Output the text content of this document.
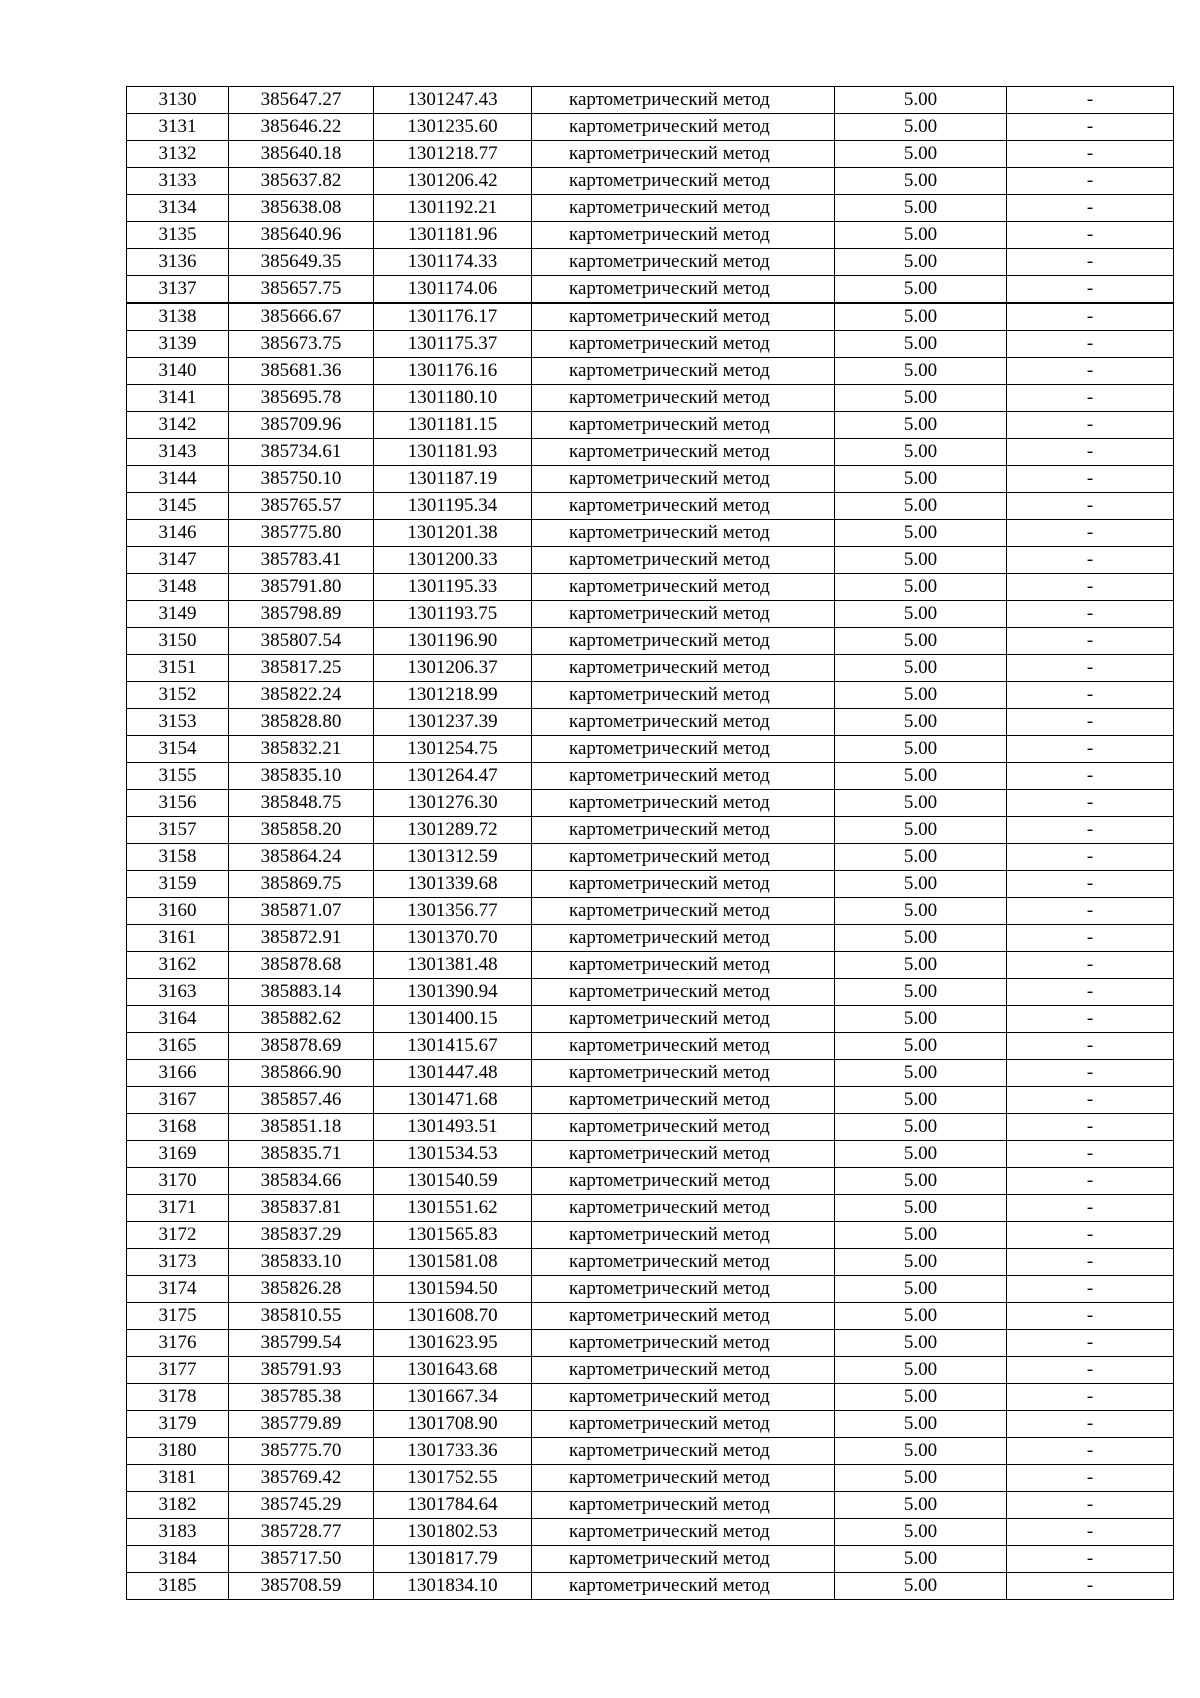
3130	385647.27	1301247.43	картометрический метод	5.00	-
3131	385646.22	1301235.60	картометрический метод	5.00	-
3132	385640.18	1301218.77	картометрический метод	5.00	-
3133	385637.82	1301206.42	картометрический метод	5.00	-
3134	385638.08	1301192.21	картометрический метод	5.00	-
3135	385640.96	1301181.96	картометрический метод	5.00	-
3136	385649.35	1301174.33	картометрический метод	5.00	-
3137	385657.75	1301174.06	картометрический метод	5.00	-
3138	385666.67	1301176.17	картометрический метод	5.00	-
3139	385673.75	1301175.37	картометрический метод	5.00	-
3140	385681.36	1301176.16	картометрический метод	5.00	-
3141	385695.78	1301180.10	картометрический метод	5.00	-
3142	385709.96	1301181.15	картометрический метод	5.00	-
3143	385734.61	1301181.93	картометрический метод	5.00	-
3144	385750.10	1301187.19	картометрический метод	5.00	-
3145	385765.57	1301195.34	картометрический метод	5.00	-
3146	385775.80	1301201.38	картометрический метод	5.00	-
3147	385783.41	1301200.33	картометрический метод	5.00	-
3148	385791.80	1301195.33	картометрический метод	5.00	-
3149	385798.89	1301193.75	картометрический метод	5.00	-
3150	385807.54	1301196.90	картометрический метод	5.00	-
3151	385817.25	1301206.37	картометрический метод	5.00	-
3152	385822.24	1301218.99	картометрический метод	5.00	-
3153	385828.80	1301237.39	картометрический метод	5.00	-
3154	385832.21	1301254.75	картометрический метод	5.00	-
3155	385835.10	1301264.47	картометрический метод	5.00	-
3156	385848.75	1301276.30	картометрический метод	5.00	-
3157	385858.20	1301289.72	картометрический метод	5.00	-
3158	385864.24	1301312.59	картометрический метод	5.00	-
3159	385869.75	1301339.68	картометрический метод	5.00	-
3160	385871.07	1301356.77	картометрический метод	5.00	-
3161	385872.91	1301370.70	картометрический метод	5.00	-
3162	385878.68	1301381.48	картометрический метод	5.00	-
3163	385883.14	1301390.94	картометрический метод	5.00	-
3164	385882.62	1301400.15	картометрический метод	5.00	-
3165	385878.69	1301415.67	картометрический метод	5.00	-
3166	385866.90	1301447.48	картометрический метод	5.00	-
3167	385857.46	1301471.68	картометрический метод	5.00	-
3168	385851.18	1301493.51	картометрический метод	5.00	-
3169	385835.71	1301534.53	картометрический метод	5.00	-
3170	385834.66	1301540.59	картометрический метод	5.00	-
3171	385837.81	1301551.62	картометрический метод	5.00	-
3172	385837.29	1301565.83	картометрический метод	5.00	-
3173	385833.10	1301581.08	картометрический метод	5.00	-
3174	385826.28	1301594.50	картометрический метод	5.00	-
3175	385810.55	1301608.70	картометрический метод	5.00	-
3176	385799.54	1301623.95	картометрический метод	5.00	-
3177	385791.93	1301643.68	картометрический метод	5.00	-
3178	385785.38	1301667.34	картометрический метод	5.00	-
3179	385779.89	1301708.90	картометрический метод	5.00	-
3180	385775.70	1301733.36	картометрический метод	5.00	-
3181	385769.42	1301752.55	картометрический метод	5.00	-
3182	385745.29	1301784.64	картометрический метод	5.00	-
3183	385728.77	1301802.53	картометрический метод	5.00	-
3184	385717.50	1301817.79	картометрический метод	5.00	-
3185	385708.59	1301834.10	картометрический метод	5.00	-
